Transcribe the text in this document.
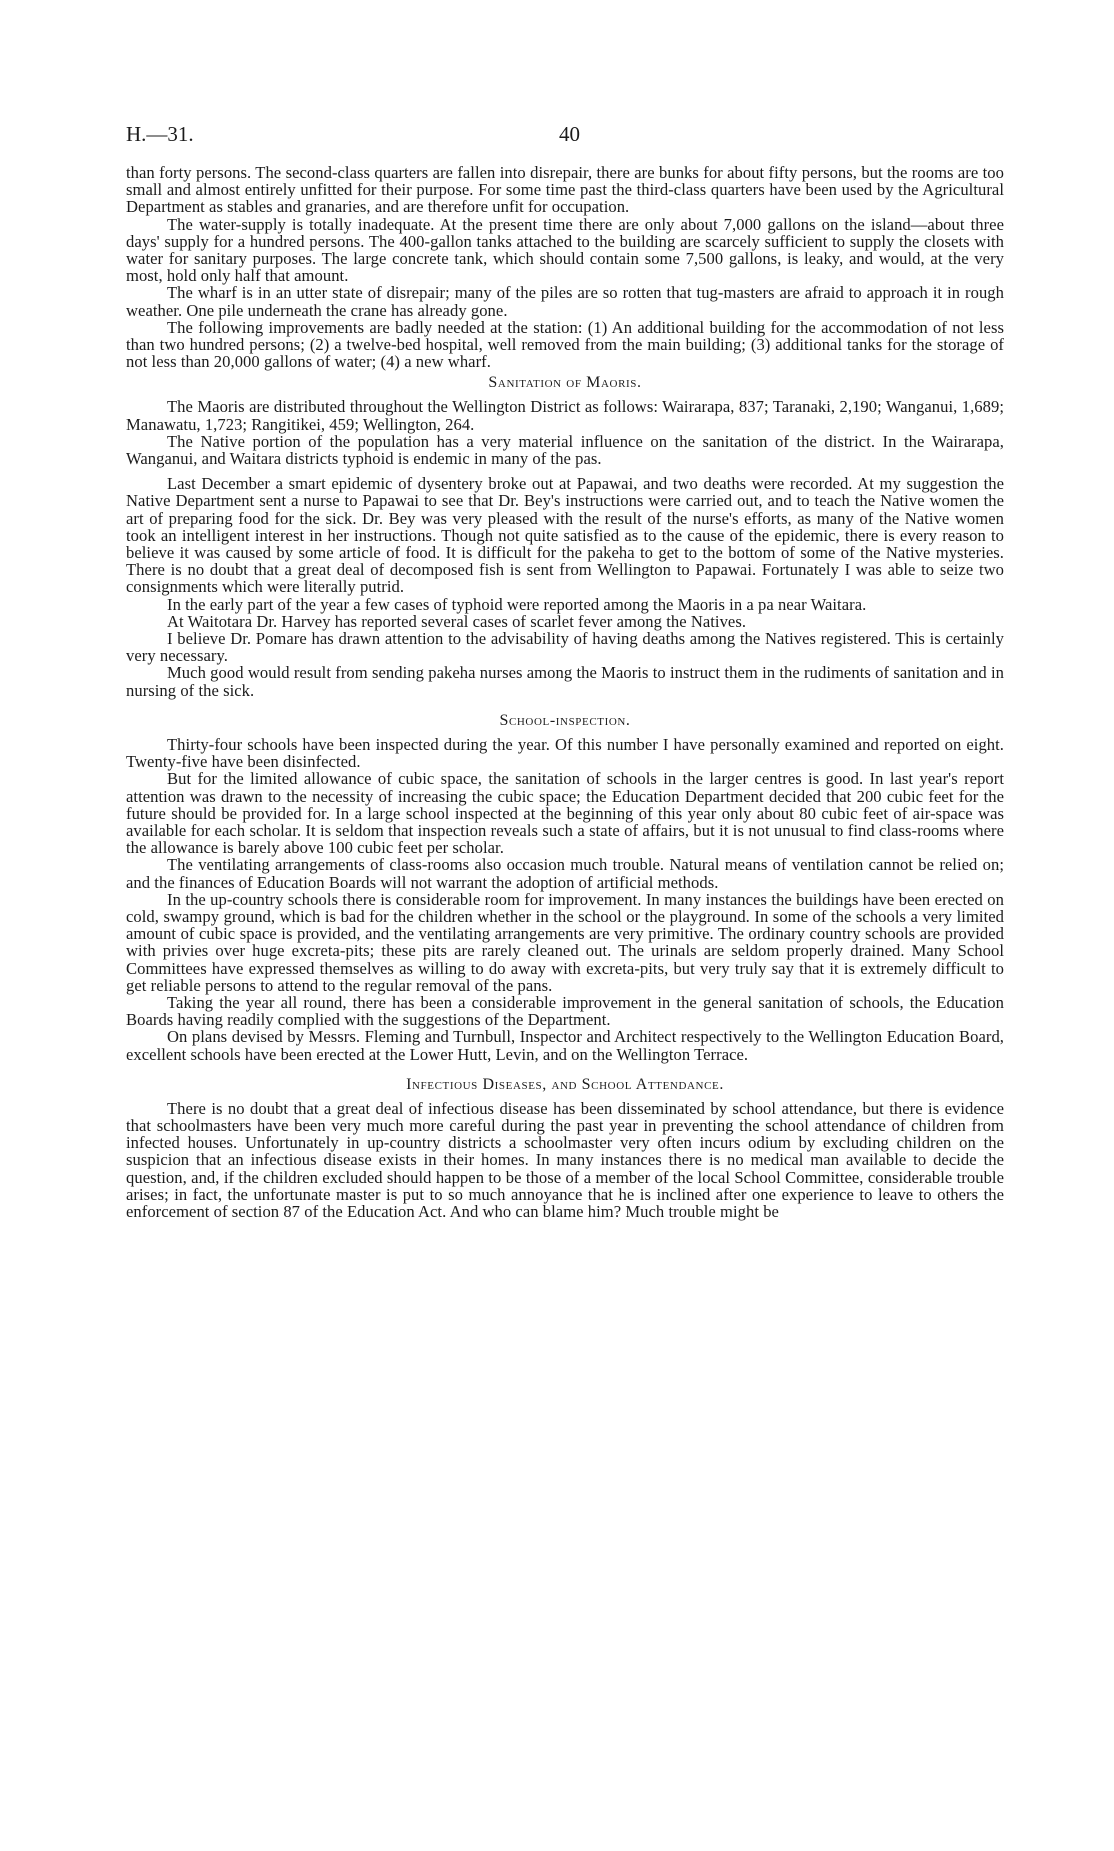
H.—31.	40

than forty persons. The second-class quarters are fallen into disrepair, there are bunks for about fifty persons, but the rooms are too small and almost entirely unfitted for their purpose. For some time past the third-class quarters have been used by the Agricultural Department as stables and granaries, and are therefore unfit for occupation.

The water-supply is totally inadequate. At the present time there are only about 7,000 gallons on the island—about three days' supply for a hundred persons. The 400-gallon tanks attached to the building are scarcely sufficient to supply the closets with water for sanitary purposes. The large concrete tank, which should contain some 7,500 gallons, is leaky, and would, at the very most, hold only half that amount.

The wharf is in an utter state of disrepair; many of the piles are so rotten that tug-masters are afraid to approach it in rough weather. One pile underneath the crane has already gone.

The following improvements are badly needed at the station: (1) An additional building for the accommodation of not less than two hundred persons; (2) a twelve-bed hospital, well removed from the main building; (3) additional tanks for the storage of not less than 20,000 gallons of water; (4) a new wharf.

Sanitation of Maoris.

The Maoris are distributed throughout the Wellington District as follows: Wairarapa, 837; Taranaki, 2,190; Wanganui, 1,689; Manawatu, 1,723; Rangitikei, 459; Wellington, 264.

The Native portion of the population has a very material influence on the sanitation of the district. In the Wairarapa, Wanganui, and Waitara districts typhoid is endemic in many of the pas.

Last December a smart epidemic of dysentery broke out at Papawai, and two deaths were recorded. At my suggestion the Native Department sent a nurse to Papawai to see that Dr. Bey's instructions were carried out, and to teach the Native women the art of preparing food for the sick. Dr. Bey was very pleased with the result of the nurse's efforts, as many of the Native women took an intelligent interest in her instructions. Though not quite satisfied as to the cause of the epidemic, there is every reason to believe it was caused by some article of food. It is difficult for the pakeha to get to the bottom of some of the Native mysteries. There is no doubt that a great deal of decomposed fish is sent from Wellington to Papawai. Fortunately I was able to seize two consignments which were literally putrid.

In the early part of the year a few cases of typhoid were reported among the Maoris in a pa near Waitara.

At Waitotara Dr. Harvey has reported several cases of scarlet fever among the Natives.

I believe Dr. Pomare has drawn attention to the advisability of having deaths among the Natives registered. This is certainly very necessary.

Much good would result from sending pakeha nurses among the Maoris to instruct them in the rudiments of sanitation and in nursing of the sick.

School-inspection.

Thirty-four schools have been inspected during the year. Of this number I have personally examined and reported on eight. Twenty-five have been disinfected.

But for the limited allowance of cubic space, the sanitation of schools in the larger centres is good. In last year's report attention was drawn to the necessity of increasing the cubic space; the Education Department decided that 200 cubic feet for the future should be provided for. In a large school inspected at the beginning of this year only about 80 cubic feet of air-space was available for each scholar. It is seldom that inspection reveals such a state of affairs, but it is not unusual to find class-rooms where the allowance is barely above 100 cubic feet per scholar.

The ventilating arrangements of class-rooms also occasion much trouble. Natural means of ventilation cannot be relied on; and the finances of Education Boards will not warrant the adoption of artificial methods.

In the up-country schools there is considerable room for improvement. In many instances the buildings have been erected on cold, swampy ground, which is bad for the children whether in the school or the playground. In some of the schools a very limited amount of cubic space is provided, and the ventilating arrangements are very primitive. The ordinary country schools are provided with privies over huge excreta-pits; these pits are rarely cleaned out. The urinals are seldom properly drained. Many School Committees have expressed themselves as willing to do away with excreta-pits, but very truly say that it is extremely difficult to get reliable persons to attend to the regular removal of the pans.

Taking the year all round, there has been a considerable improvement in the general sanitation of schools, the Education Boards having readily complied with the suggestions of the Department.

On plans devised by Messrs. Fleming and Turnbull, Inspector and Architect respectively to the Wellington Education Board, excellent schools have been erected at the Lower Hutt, Levin, and on the Wellington Terrace.

Infectious Diseases, and School Attendance.

There is no doubt that a great deal of infectious disease has been disseminated by school attendance, but there is evidence that schoolmasters have been very much more careful during the past year in preventing the school attendance of children from infected houses. Unfortunately in up-country districts a schoolmaster very often incurs odium by excluding children on the suspicion that an infectious disease exists in their homes. In many instances there is no medical man available to decide the question, and, if the children excluded should happen to be those of a member of the local School Committee, considerable trouble arises; in fact, the unfortunate master is put to so much annoyance that he is inclined after one experience to leave to others the enforcement of section 87 of the Education Act. And who can blame him? Much trouble might be
